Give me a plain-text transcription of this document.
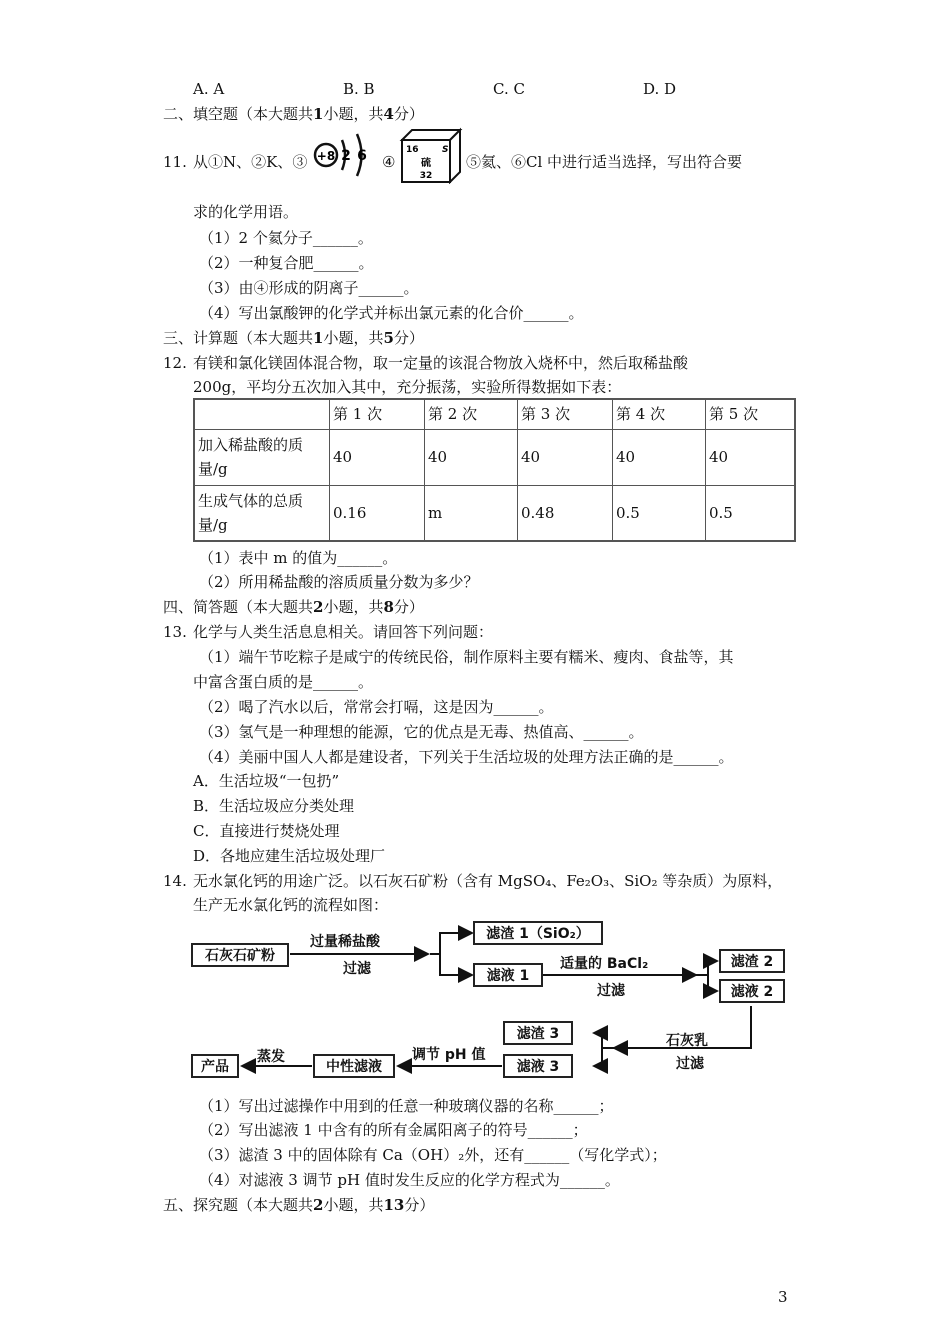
A. A	B. B	C. C	D. D
二、填空题（本大题共1小题，共4分）
11. 从①N、②K、③ +8 2 6 ④
16	S
硫
32
⑤氦、⑥Cl 中进行适当选择，写出符合要
求的化学用语。
（1）2 个氦分子______。
（2）一种复合肥______。
（3）由④形成的阴离子______。
（4）写出氯酸钾的化学式并标出氯元素的化合价______。
三、计算题（本大题共1小题，共5分）
12. 有镁和氯化镁固体混合物，取一定量的该混合物放入烧杯中，然后取稀盐酸
200g，平均分五次加入其中，充分振荡，实验所得数据如下表：
	第 1 次	第 2 次	第 3 次	第 4 次	第 5 次
加入稀盐酸的质量/g	40	40	40	40	40
生成气体的总质量/g	0.16	m	0.48	0.5	0.5
（1）表中 m 的值为______。
（2）所用稀盐酸的溶质质量分数为多少？
四、简答题（本大题共2小题，共8分）
13. 化学与人类生活息息相关。请回答下列问题：
（1）端午节吃粽子是咸宁的传统民俗，制作原料主要有糯米、瘦肉、食盐等，其
中富含蛋白质的是______。
（2）喝了汽水以后，常常会打嗝，这是因为______。
（3）氢气是一种理想的能源，它的优点是无毒、热值高、______。
（4）美丽中国人人都是建设者，下列关于生活垃圾的处理方法正确的是______。
A．生活垃圾“一包扔”
B．生活垃圾应分类处理
C．直接进行焚烧处理
D．各地应建生活垃圾处理厂
14. 无水氯化钙的用途广泛。以石灰石矿粉（含有 MgSO₄、Fe₂O₃、SiO₂ 等杂质）为原料，
生产无水氯化钙的流程如图：
石灰石矿粉
过量稀盐酸
过滤
滤渣 1（SiO₂）
滤液 1
适量的 BaCl₂
过滤
滤渣 2
滤液 2
石灰乳
过滤
滤渣 3
滤液 3
调节 pH 值
中性滤液
蒸发
产品
（1）写出过滤操作中用到的任意一种玻璃仪器的名称______；
（2）写出滤液 1 中含有的所有金属阳离子的符号______；
（3）滤渣 3 中的固体除有 Ca（OH）₂外，还有______（写化学式）；
（4）对滤液 3 调节 pH 值时发生反应的化学方程式为______。
五、探究题（本大题共2小题，共13分）
3
